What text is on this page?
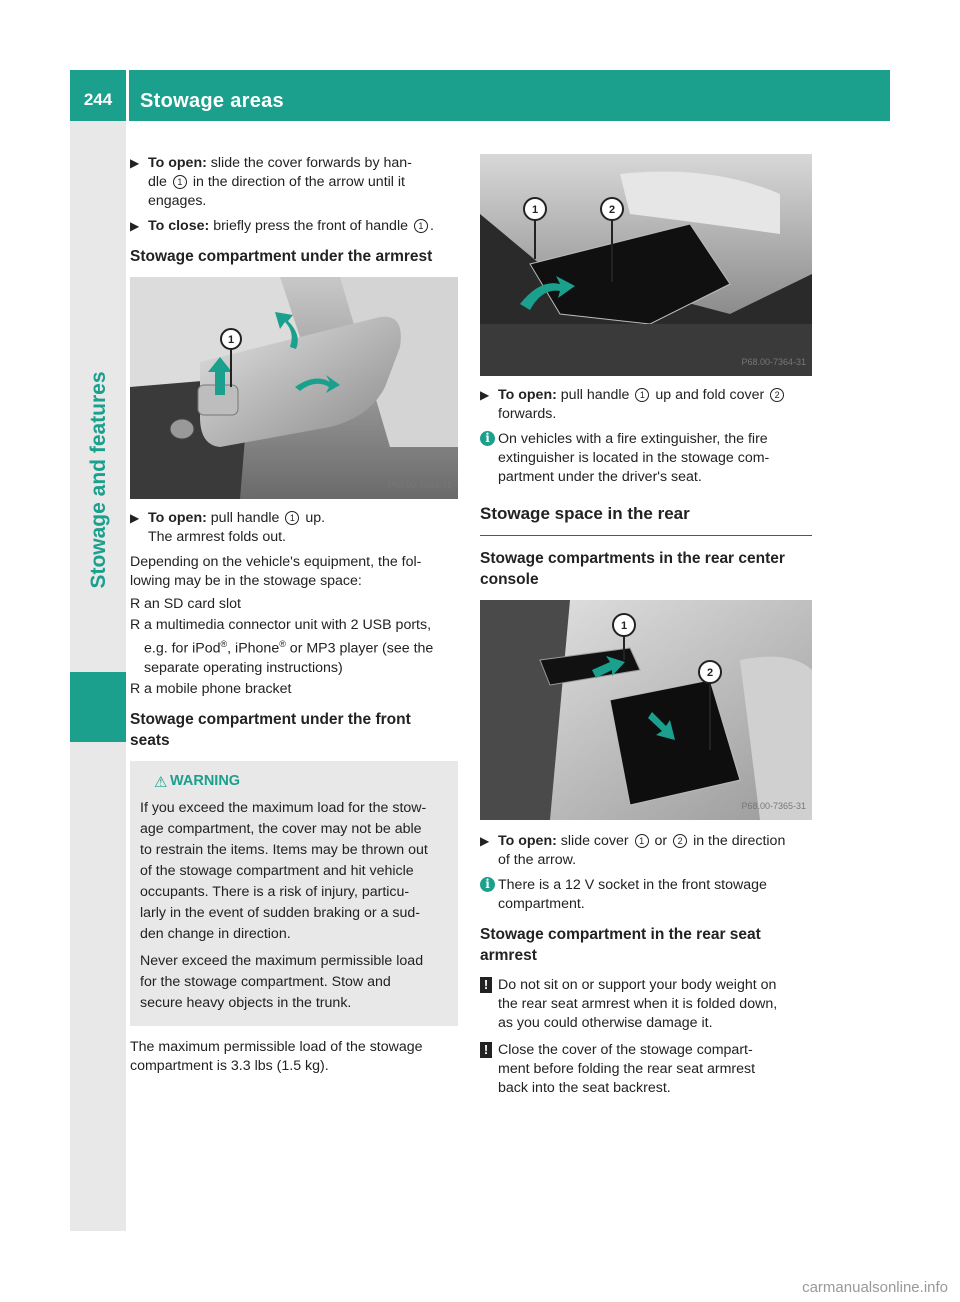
244	Stowage areas
Stowage and features

▶ To open: slide the cover forwards by han-
dle 1 in the direction of the arrow until it
engages.

▶ To close: briefly press the front of handle 1 .

Stowage compartment under the armrest

1
P68.00-7363-31

▶ To open: pull handle 1 up.
The armrest folds out.

Depending on the vehicle's equipment, the fol-
lowing may be in the stowage space:

R an SD card slot

R a multimedia connector unit with 2 USB ports,
e.g. for iPod®, iPhone® or MP3 player (see the
separate operating instructions)

R a mobile phone bracket

Stowage compartment under the front
seats

⚠ WARNING

If you exceed the maximum load for the stow-
age compartment, the cover may not be able
to restrain the items. Items may be thrown out
of the stowage compartment and hit vehicle
occupants. There is a risk of injury, particu-
larly in the event of sudden braking or a sud-
den change in direction.

Never exceed the maximum permissible load
for the stowage compartment. Stow and
secure heavy objects in the trunk.

The maximum permissible load of the stowage
compartment is 3.3 lbs (1.5 kg).

1	2
P68.00-7364-31

▶ To open: pull handle 1 up and fold cover 2
forwards.

i On vehicles with a fire extinguisher, the fire
extinguisher is located in the stowage com-
partment under the driver's seat.

Stowage space in the rear

Stowage compartments in the rear center
console

1
2
P68.00-7365-31

▶ To open: slide cover 1 or 2 in the direction
of the arrow.

i There is a 12 V socket in the front stowage
compartment.

Stowage compartment in the rear seat
armrest

! Do not sit on or support your body weight on
the rear seat armrest when it is folded down,
as you could otherwise damage it.

! Close the cover of the stowage compart-
ment before folding the rear seat armrest
back into the seat backrest.

carmanualsonline.info
